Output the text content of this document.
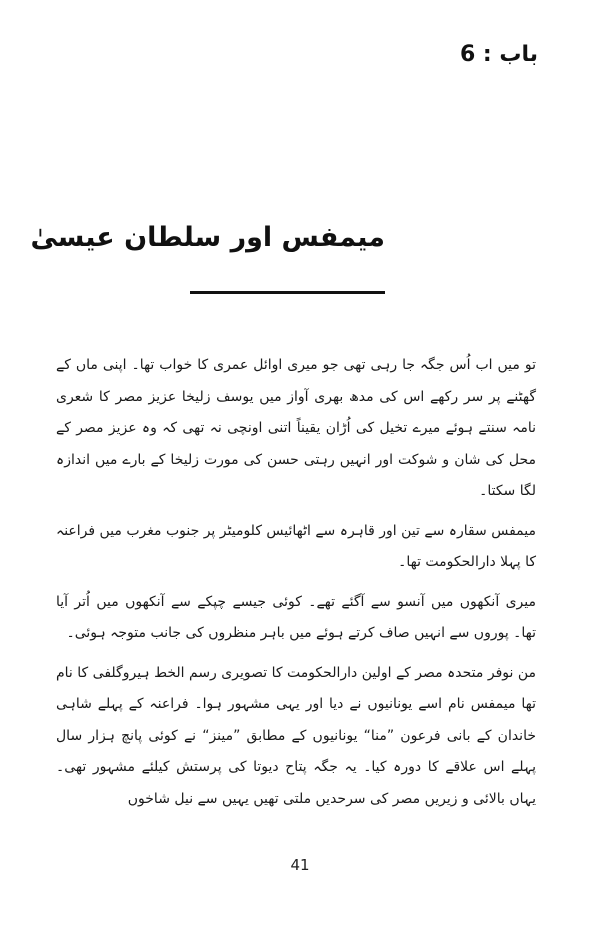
باب : 6
میمفس اور سلطان عیسیٰ

تو میں اب اُس جگہ جا رہی تھی جو میری اوائل عمری کا خواب تھا۔ اپنی ماں کے گھٹنے پر سر رکھے اس کی مدھ بھری آواز میں یوسف زلیخا عزیز مصر کا شعری نامہ سنتے ہوئے میرے تخیل کی اُڑان یقیناً اتنی اونچی نہ تھی کہ وہ عزیز مصر کے محل کی شان و شوکت اور انہیں رہتی حسن کی مورت زلیخا کے بارے میں اندازہ لگا سکتا۔

میمفس سقارہ سے تین اور قاہرہ سے اٹھائیس کلومیٹر پر جنوب مغرب میں فراعنہ کا پہلا دارالحکومت تھا۔

میری آنکھوں میں آنسو سے آگئے تھے۔ کوئی جیسے چپکے سے آنکھوں میں اُتر آیا تھا۔ پوروں سے انہیں صاف کرتے ہوئے میں باہر منظروں کی جانب متوجہ ہوئی۔

من نوفر متحدہ مصر کے اولین دارالحکومت کا تصویری رسم الخط ہیروگلفی کا نام تھا میمفس نام اسے یونانیوں نے دیا اور یہی مشہور ہوا۔ فراعنہ کے پہلے شاہی خاندان کے بانی فرعون ”منا“ یونانیوں کے مطابق ”مینز“ نے کوئی پانچ ہزار سال پہلے اس علاقے کا دورہ کیا۔ یہ جگہ پتاح دیوتا کی پرستش کیلئے مشہور تھی۔ یہاں بالائی و زیریں مصر کی سرحدیں ملتی تھیں یہیں سے نیل شاخوں

41
